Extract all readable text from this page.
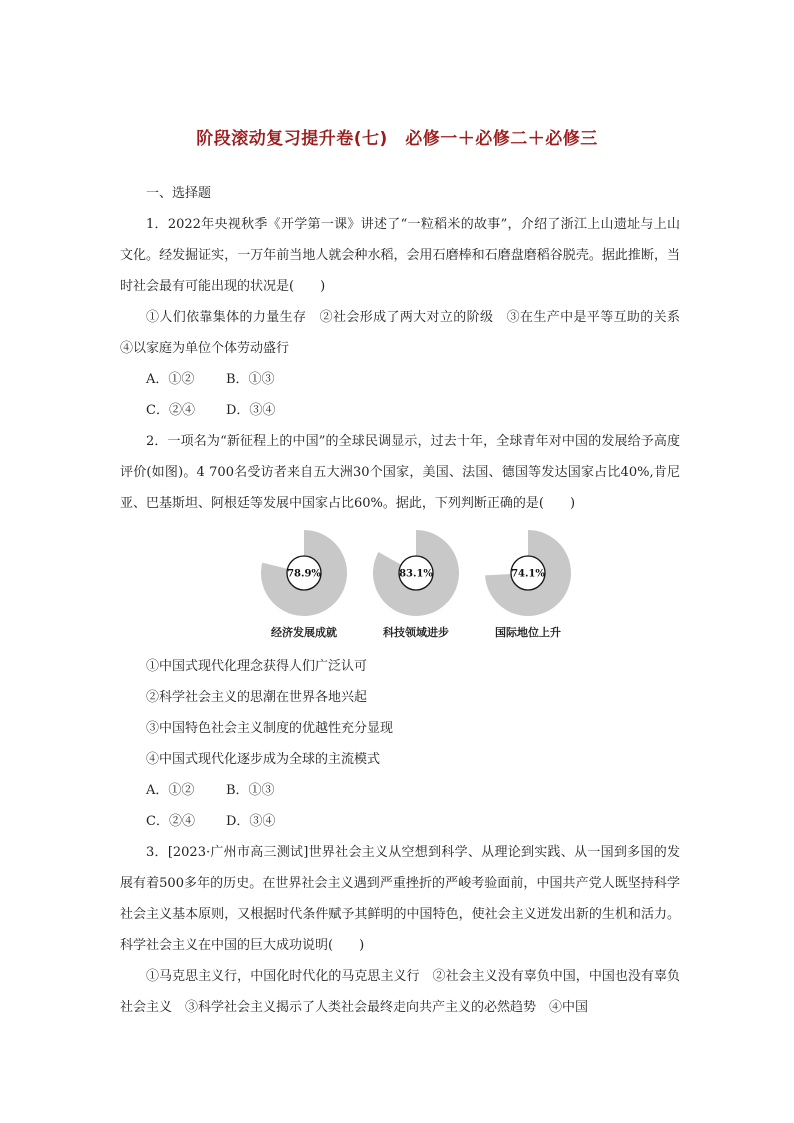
阶段滚动复习提升卷(七)　必修一＋必修二＋必修三

一、选择题

1．2022年央视秋季《开学第一课》讲述了“一粒稻米的故事”，介绍了浙江上山遗址与上山文化。经发掘证实，一万年前当地人就会种水稻，会用石磨棒和石磨盘磨稻谷脱壳。据此推断，当时社会最有可能出现的状况是(　　)

①人们依靠集体的力量生存　②社会形成了两大对立的阶级　③在生产中是平等互助的关系　④以家庭为单位个体劳动盛行

A．①② B．①③

C．②④ D．③④

2．一项名为“新征程上的中国”的全球民调显示，过去十年，全球青年对中国的发展给予高度评价(如图)。4 700名受访者来自五大洲30个国家，美国、法国、德国等发达国家占比40%,肯尼亚、巴基斯坦、阿根廷等发展中国家占比60%。据此，下列判断正确的是(　　)

78.9%
经济发展成就
83.1%
科技领域进步
74.1%
国际地位上升

①中国式现代化理念获得人们广泛认可

②科学社会主义的思潮在世界各地兴起

③中国特色社会主义制度的优越性充分显现

④中国式现代化逐步成为全球的主流模式

A．①② B．①③

C．②④ D．③④

3．[2023·广州市高三测试]世界社会主义从空想到科学、从理论到实践、从一国到多国的发展有着500多年的历史。在世界社会主义遇到严重挫折的严峻考验面前，中国共产党人既坚持科学社会主义基本原则，又根据时代条件赋予其鲜明的中国特色，使社会主义迸发出新的生机和活力。科学社会主义在中国的巨大成功说明(　　)

①马克思主义行，中国化时代化的马克思主义行　②社会主义没有辜负中国，中国也没有辜负社会主义　③科学社会主义揭示了人类社会最终走向共产主义的必然趋势　④中国
